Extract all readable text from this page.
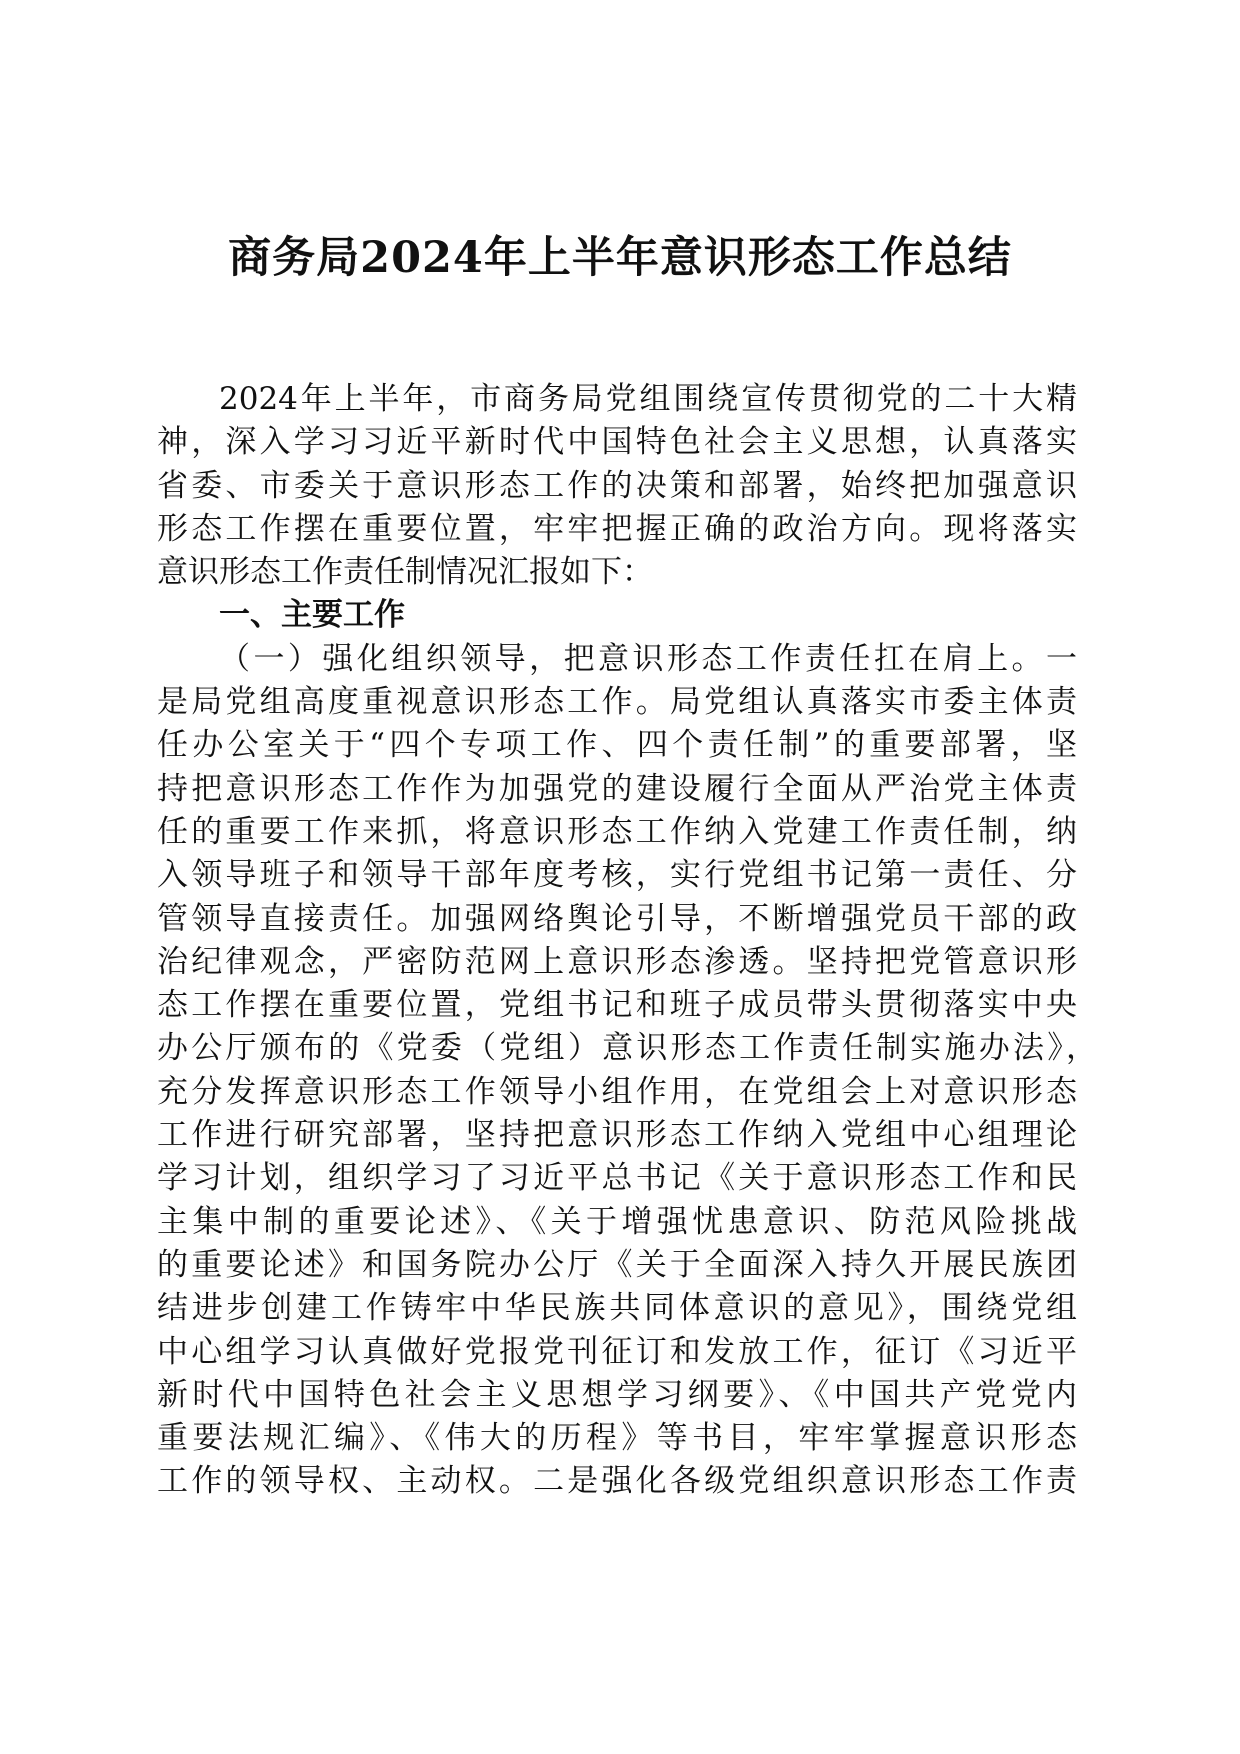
商务局2024年上半年意识形态工作总结
2024年上半年，市商务局党组围绕宣传贯彻党的二十大精
神，深入学习习近平新时代中国特色社会主义思想，认真落实
省委、市委关于意识形态工作的决策和部署，始终把加强意识
形态工作摆在重要位置，牢牢把握正确的政治方向。现将落实
意识形态工作责任制情况汇报如下：
一、主要工作
（一）强化组织领导，把意识形态工作责任扛在肩上。一
是局党组高度重视意识形态工作。局党组认真落实市委主体责
任办公室关于“四个专项工作、四个责任制”的重要部署，坚
持把意识形态工作作为加强党的建设履行全面从严治党主体责
任的重要工作来抓，将意识形态工作纳入党建工作责任制，纳
入领导班子和领导干部年度考核，实行党组书记第一责任、分
管领导直接责任。加强网络舆论引导，不断增强党员干部的政
治纪律观念，严密防范网上意识形态渗透。坚持把党管意识形
态工作摆在重要位置，党组书记和班子成员带头贯彻落实中央
办公厅颁布的《党委（党组）意识形态工作责任制实施办法》，
充分发挥意识形态工作领导小组作用，在党组会上对意识形态
工作进行研究部署，坚持把意识形态工作纳入党组中心组理论
学习计划，组织学习了习近平总书记《关于意识形态工作和民
主集中制的重要论述》、《关于增强忧患意识、防范风险挑战
的重要论述》和国务院办公厅《关于全面深入持久开展民族团
结进步创建工作铸牢中华民族共同体意识的意见》，围绕党组
中心组学习认真做好党报党刊征订和发放工作，征订《习近平
新时代中国特色社会主义思想学习纲要》、《中国共产党党内
重要法规汇编》、《伟大的历程》等书目，牢牢掌握意识形态
工作的领导权、主动权。二是强化各级党组织意识形态工作责
